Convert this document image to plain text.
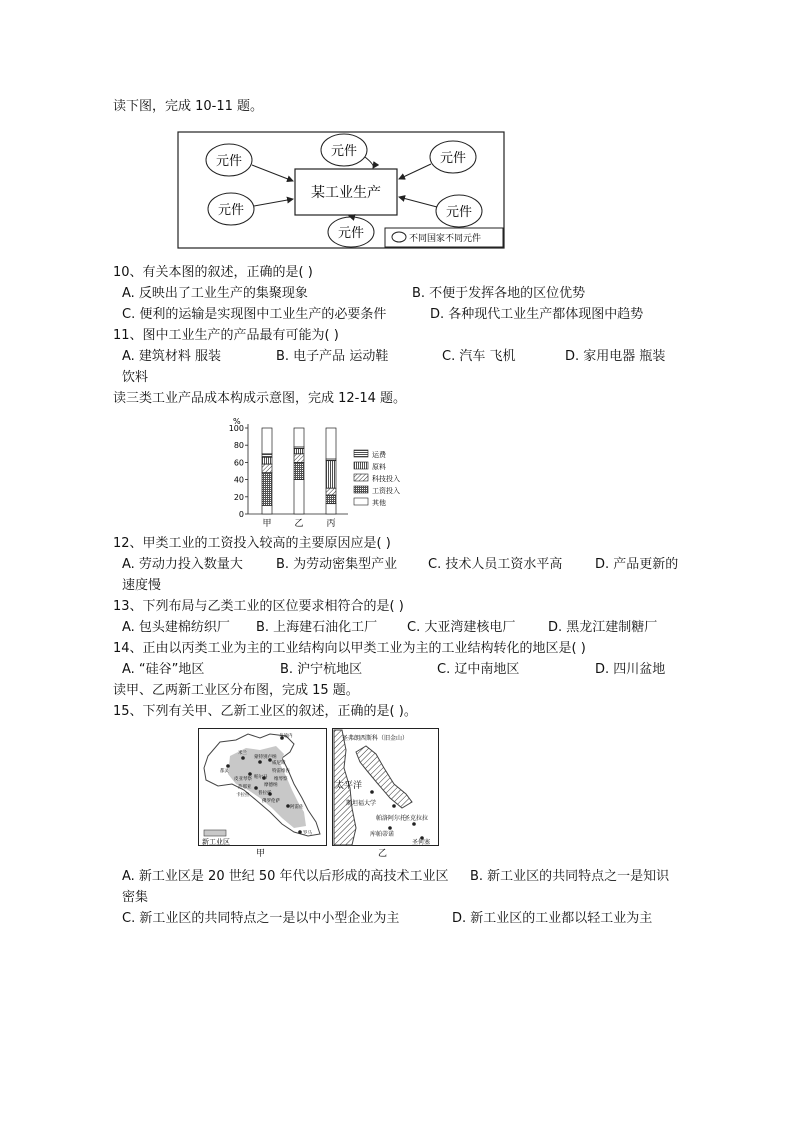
读下图，完成 10-11 题。
某工业生产
元件
元件
元件
元件
元件
元件
不同国家不同元件
10、有关本图的叙述，正确的是( )
A. 反映出了工业生产的集聚现象	B. 不便于发挥各地的区位优势
C. 便利的运输是实现图中工业生产的必要条件	D. 各种现代工业生产都体现图中趋势
11、图中工业生产的产品最有可能为( )
A. 建筑材料 服装	B. 电子产品 运动鞋	C. 汽车 飞机	D. 家用电器 瓶装
饮料
读三类工业产品成本构成示意图，完成 12-14 题。
%
0
20
40
60
80
100
甲	乙	丙
运费
原料
科技投入
工资投入
其他
12、甲类工业的工资投入较高的主要原因应是( )
A. 劳动力投入数量大	B. 为劳动密集型产业 C. 技术人员工资水平高	D. 产品更新的
速度慢
13、下列布局与乙类工业的区位要求相符合的是( )
A. 包头建棉纺织厂 B. 上海建石油化工厂 C. 大亚湾建核电厂	D. 黑龙江建制糖厂
14、正由以丙类工业为主的工业结构向以甲类工业为主的工业结构转化的地区是( )
A. “硅谷”地区	B. 沪宁杭地区	C. 辽中南地区	D. 四川盆地
读甲、乙两新工业区分布图，完成 15 题。
15、下列有关甲、乙新工业区的叙述，正确的是( )。
乌迪内
米兰
蒙特别卢纳
威尼斯
都灵
皮亚琴察
热那亚
帕尔马
特雷维佐
摩德纳
维琴察
卡拉拉 普拉托
佛罗伦萨
阿雷佐
罗马
新工业区
甲
圣弗朗西斯科（旧金山）
斯坦福大学
帕洛阿尔托
圣克拉拉
库帕蒂诺
圣何塞
太平洋
乙
A. 新工业区是 20 世纪 50 年代以后形成的高技术工业区 B. 新工业区的共同特点之一是知识
密集
C. 新工业区的共同特点之一是以中小型企业为主	D. 新工业区的工业都以轻工业为主
